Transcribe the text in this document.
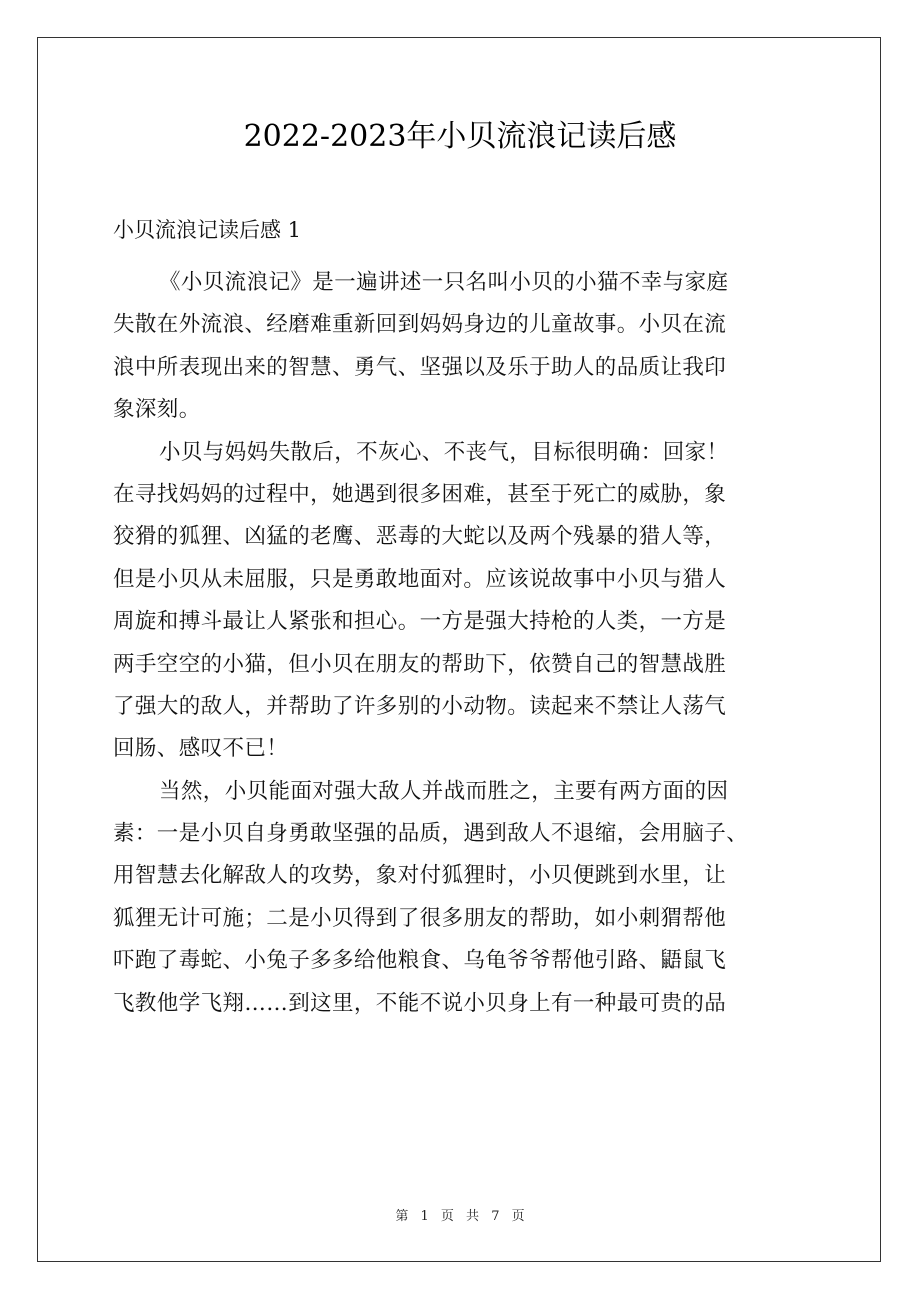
2022-2023年小贝流浪记读后感
小贝流浪记读后感 1
《小贝流浪记》是一遍讲述一只名叫小贝的小猫不幸与家庭
失散在外流浪、经磨难重新回到妈妈身边的儿童故事。小贝在流
浪中所表现出来的智慧、勇气、坚强以及乐于助人的品质让我印
象深刻。
小贝与妈妈失散后，不灰心、不丧气，目标很明确：回家！
在寻找妈妈的过程中，她遇到很多困难，甚至于死亡的威胁，象
狡猾的狐狸、凶猛的老鹰、恶毒的大蛇以及两个残暴的猎人等，
但是小贝从未屈服，只是勇敢地面对。应该说故事中小贝与猎人
周旋和搏斗最让人紧张和担心。一方是强大持枪的人类，一方是
两手空空的小猫，但小贝在朋友的帮助下，依赞自己的智慧战胜
了强大的敌人，并帮助了许多别的小动物。读起来不禁让人荡气
回肠、感叹不已！
当然，小贝能面对强大敌人并战而胜之，主要有两方面的因
素：一是小贝自身勇敢坚强的品质，遇到敌人不退缩，会用脑子、
用智慧去化解敌人的攻势，象对付狐狸时，小贝便跳到水里，让
狐狸无计可施；二是小贝得到了很多朋友的帮助，如小刺猬帮他
吓跑了毒蛇、小兔子多多给他粮食、乌龟爷爷帮他引路、鼯鼠飞
飞教他学飞翔……到这里，不能不说小贝身上有一种最可贵的品
第 1 页 共 7 页
